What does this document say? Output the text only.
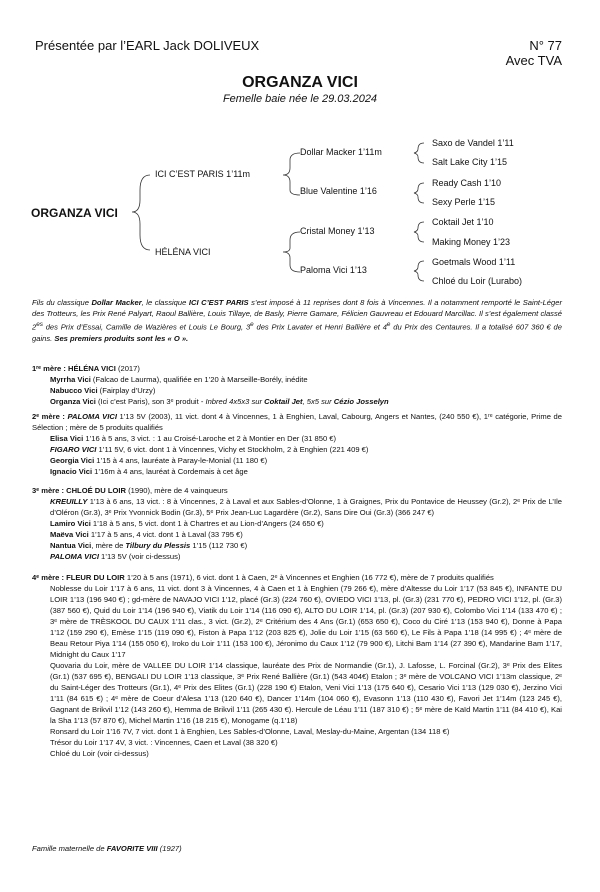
Présentée par l’EARL Jack DOLIVEUX	N° 77
Avec TVA
ORGANZA VICI
Femelle baie née le 29.03.2024
ORGANZA VICI
ICI C’EST PARIS 1’11m
HÉLÉNA VICI
Dollar Macker 1’11m
Blue Valentine 1’16
Cristal Money 1’13
Paloma Vici 1’13
Saxo de Vandel 1’11
Salt Lake City 1’15
Ready Cash 1’10
Sexy Perle 1’15
Coktail Jet 1’10
Making Money 1’23
Goetmals Wood 1’11
Chloé du Loir (Lurabo)
Fils du classique Dollar Macker, le classique ICI C’EST PARIS s’est imposé à 11 reprises dont 8 fois à Vincennes. Il a notamment remporté le Saint-Léger des Trotteurs, les Prix René Palyart, Raoul Ballière, Louis Tillaye, de Basly, Pierre Gamare, Félicien Gauvreau et Edouard Marcillac. Il s’est également classé $2^{es}$ des Prix d’Essai, Camille de Wazières et Louis Le Bourg, 3e des Prix Lavater et Henri Ballière et 4e du Prix des Centaures. Il a totalisé 607 360 € de gains. Ses premiers produits sont les « O ».

1ʳᵉ mère : HÉLÉNA VICI (2017)

Myrrha Vici (Falcao de Laurma), qualifiée en 1’20 à Marseille-Borély, inédite

Nabucco Vici (Fairplay d’Urzy)

Organza Vici (Ici c’est Paris), son 3ᵉ produit - Inbred 4x5x3 sur Coktail Jet, 5x5 sur Cézio Josselyn

2ᵉ mère : PALOMA VICI 1’13 5V (2003), 11 vict. dont 4 à Vincennes, 1 à Enghien, Laval, Cabourg, Angers et Nantes, (240 550 €), 1ʳᵉ catégorie, Prime de Sélection ; mère de 5 produits qualifiés

Elisa Vici 1’16 à 5 ans, 3 vict. : 1 au Croisé-Laroche et 2 à Montier en Der (31 850 €)

FIGARO VICI 1’11 5V, 6 vict. dont 1 à Vincennes, Vichy et Stockholm, 2 à Enghien (221 409 €)

Georgia Vici 1’15 à 4 ans, lauréate à Paray-le-Monial (11 180 €)

Ignacio Vici 1’16m à 4 ans, lauréat à Cordemais à cet âge

3ᵉ mère : CHLOÉ DU LOIR (1990), mère de 4 vainqueurs

KREUILLY 1’13 à 6 ans, 13 vict. : 8 à Vincennes, 2 à Laval et aux Sables-d’Olonne, 1 à Graignes, Prix du Pontavice de Heussey (Gr.2), 2ᵉ Prix de L’Ile d’Oléron (Gr.3), 3ᵉ Prix Yvonnick Bodin (Gr.3), 5ᵉ Prix Jean-Luc Lagardère (Gr.2), Sans Dire Oui (Gr.3) (366 247 €)

Lamiro Vici 1’18 à 5 ans, 5 vict. dont 1 à Chartres et au Lion-d’Angers (24 650 €)

Maëva Vici 1’17 à 5 ans, 4 vict. dont 1 à Laval (33 795 €)

Nantua Vici, mère de Tilbury du Plessis 1’15 (112 730 €)

PALOMA VICI 1’13 5V (voir ci-dessus)

4ᵉ mère : FLEUR DU LOIR 1’20 à 5 ans (1971), 6 vict. dont 1 à Caen, 2ᵉ à Vincennes et Enghien (16 772 €), mère de 7 produits qualifiés

Noblesse du Loir 1’17 à 6 ans, 11 vict. dont 3 à Vincennes, 4 à Caen et 1 à Enghien (79 266 €), mère d’Altesse du Loir 1’17 (53 845 €), INFANTE DU LOIR 1’13 (196 940 €) ; gd-mère de NAVAJO VICI 1’12, placé (Gr.3) (224 760 €), OVIEDO VICI 1’13, pl. (Gr.3) (231 770 €), PEDRO VICI 1’12, pl. (Gr.3) (387 560 €), Quid du Loir 1’14 (196 940 €), Viatik du Loir 1’14 (116 090 €), ALTO DU LOIR 1’14, pl. (Gr.3) (207 930 €), Colombo Vici 1’14 (133 470 €) ; 3ᵉ mère de TRÈSKOOL DU CAUX 1’11 clas., 3 vict. (Gr.2), 2ᵉ Critérium des 4 Ans (Gr.1) (653 650 €), Coco du Ciré 1’13 (153 940 €), Donne à Papa 1’12 (159 290 €), Emèse 1’15 (119 090 €), Fiston à Papa 1’12 (203 825 €), Jolie du Loir 1’15 (63 560 €), Le Fils à Papa 1’18 (14 995 €) ; 4ᵉ mère de Beau Retour Piya 1’14 (155 050 €), Iroko du Loir 1’11 (153 100 €), Jéronimo du Caux 1’12 (79 900 €), Litchi Bam 1’14 (27 390 €), Mandarine Bam 1’17, Midnight du Caux 1’17

Quovaria du Loir, mère de VALLEE DU LOIR 1’14 classique, lauréate des Prix de Normandie (Gr.1), J. Lafosse, L. Forcinal (Gr.2), 3ᵉ Prix des Elites (Gr.1) (537 695 €), BENGALI DU LOIR 1’13 classique, 3ᵉ Prix René Ballière (Gr.1) (543 404€) Etalon ; 3ᵉ mère de VOLCANO VICI 1’13m classique, 2ᵉ du Saint-Léger des Trotteurs (Gr.1), 4ᵉ Prix des Elites (Gr.1) (228 190 €) Etalon, Veni Vici 1’13 (175 640 €), Cesario Vici 1’13 (129 030 €), Jerzino Vici 1’11 (84 615 €) ; 4ᵉ mère de Coeur d’Alesa 1’13 (120 640 €), Dancer 1’14m (104 060 €), Evasonn 1’13 (110 430 €), Favori Jet 1’14m (123 245 €), Gagnant de Brikvil 1’12 (143 260 €), Hemma de Brikvil 1’11 (265 430 €). Hercule de Léau 1’11 (187 310 €) ; 5ᵉ mère de Kaïd Martin 1’11 (84 410 €), Kai la Sha 1’13 (57 870 €), Michel Martin 1’16 (18 215 €), Monogame (q.1’18)

Ronsard du Loir 1’16 7V, 7 vict. dont 1 à Enghien, Les Sables-d’Olonne, Laval, Meslay-du-Maine, Argentan (134 118 €)

Trésor du Loir 1’17 4V, 3 vict. : Vincennes, Caen et Laval (38 320 €)

Chloé du Loir (voir ci-dessus)

Famille maternelle de FAVORITE VIII (1927)
